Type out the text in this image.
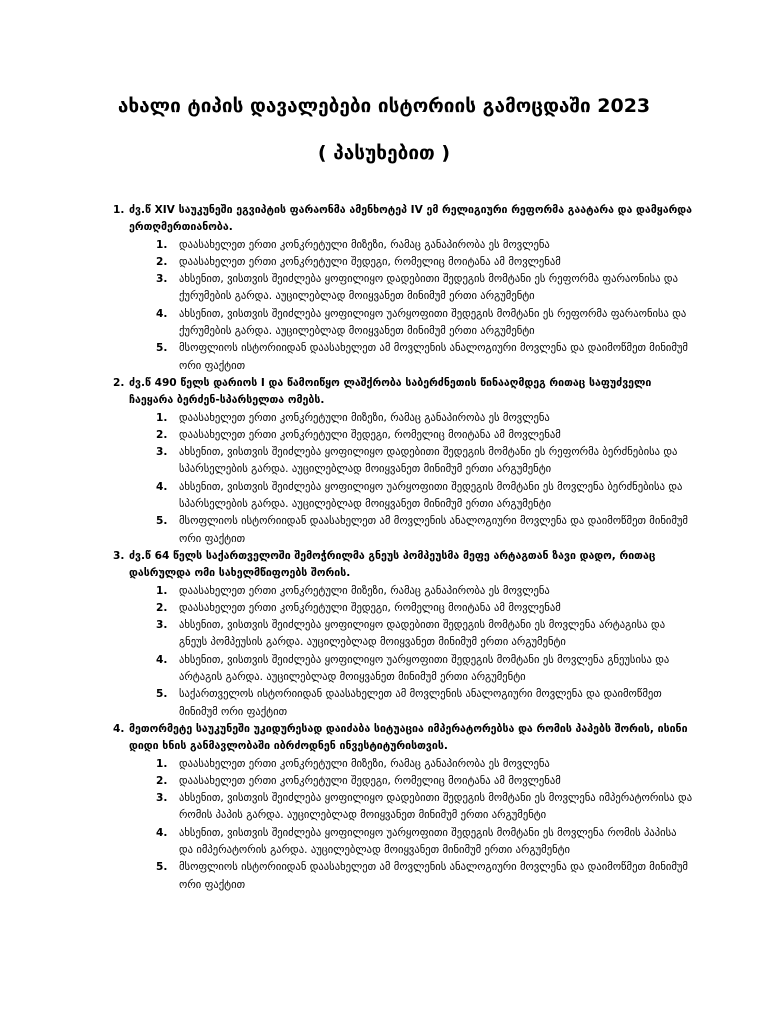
ახალი ტიპის დავალებები ისტორიის გამოცდაში 2023
( პასუხებით )
1. ძვ.წ XIV საუკუნეში ეგვიპტის ფარაონმა ამენხოტეპ IV ემ რელიგიური რეფორმა გაატარა და დამყარდა ერთღმერთიანობა.
1. დაასახელეთ ერთი კონკრეტული მიზეზი, რამაც განაპირობა ეს მოვლენა
2. დაასახელეთ ერთი კონკრეტული შედეგი, რომელიც მოიტანა ამ მოვლენამ
3. ახსენით, ვისთვის შეიძლება ყოფილიყო დადებითი შედეგის მომტანი ეს რეფორმა ფარაონისა და ქურუმების გარდა. აუცილებლად მოიყვანეთ მინიმუმ ერთი არგუმენტი
4. ახსენით, ვისთვის შეიძლება ყოფილიყო უარყოფითი შედეგის მომტანი ეს რეფორმა ფარაონისა და ქურუმების გარდა. აუცილებლად მოიყვანეთ მინიმუმ ერთი არგუმენტი
5. მსოფლიოს ისტორიიდან დაასახელეთ ამ მოვლენის ანალოგიური მოვლენა და დაიმოწმეთ მინიმუმ ორი ფაქტით
2. ძვ.წ 490 წელს დარიოს I და წამოიწყო ლაშქრობა საბერძნეთის წინააღმდეგ რითაც საფუძველი ჩაეყარა ბერძენ-სპარსელთა ომებს.
1. დაასახელეთ ერთი კონკრეტული მიზეზი, რამაც განაპირობა ეს მოვლენა
2. დაასახელეთ ერთი კონკრეტული შედეგი, რომელიც მოიტანა ამ მოვლენამ
3. ახსენით, ვისთვის შეიძლება ყოფილიყო დადებითი შედეგის მომტანი ეს რეფორმა ბერძნებისა და სპარსელების გარდა. აუცილებლად მოიყვანეთ მინიმუმ ერთი არგუმენტი
4. ახსენით, ვისთვის შეიძლება ყოფილიყო უარყოფითი შედეგის მომტანი ეს მოვლენა ბერძნებისა და სპარსელების გარდა. აუცილებლად მოიყვანეთ მინიმუმ ერთი არგუმენტი
5. მსოფლიოს ისტორიიდან დაასახელეთ ამ მოვლენის ანალოგიური მოვლენა და დაიმოწმეთ მინიმუმ ორი ფაქტით
3. ძვ.წ 64 წელს საქართველოში შემოჭრილმა გნეუს პომპეუსმა მეფე არტაგთან ზავი დადო, რითაც დასრულდა ომი სახელმწიფოებს შორის.
1. დაასახელეთ ერთი კონკრეტული მიზეზი, რამაც განაპირობა ეს მოვლენა
2. დაასახელეთ ერთი კონკრეტული შედეგი, რომელიც მოიტანა ამ მოვლენამ
3. ახსენით, ვისთვის შეიძლება ყოფილიყო დადებითი შედეგის მომტანი ეს მოვლენა არტაგისა და გნეუს პომპეუსის გარდა. აუცილებლად მოიყვანეთ მინიმუმ ერთი არგუმენტი
4. ახსენით, ვისთვის შეიძლება ყოფილიყო უარყოფითი შედეგის მომტანი ეს მოვლენა გნეუსისა და არტაგის გარდა. აუცილებლად მოიყვანეთ მინიმუმ ერთი არგუმენტი
5. საქართველოს ისტორიიდან დაასახელეთ ამ მოვლენის ანალოგიური მოვლენა და დაიმოწმეთ მინიმუმ ორი ფაქტით
4. მეთორმეტე საუკუნეში უკიდურესად დაიძაბა სიტუაცია იმპერატორებსა და რომის პაპებს შორის, ისინი დიდი ხნის განმავლობაში იბრძოდნენ ინვესტიტურისთვის.
1. დაასახელეთ ერთი კონკრეტული მიზეზი, რამაც განაპირობა ეს მოვლენა
2. დაასახელეთ ერთი კონკრეტული შედეგი, რომელიც მოიტანა ამ მოვლენამ
3. ახსენით, ვისთვის შეიძლება ყოფილიყო დადებითი შედეგის მომტანი ეს მოვლენა იმპერატორისა და რომის პაპის გარდა. აუცილებლად მოიყვანეთ მინიმუმ ერთი არგუმენტი
4. ახსენით, ვისთვის შეიძლება ყოფილიყო უარყოფითი შედეგის მომტანი ეს მოვლენა რომის პაპისა და იმპერატორის გარდა. აუცილებლად მოიყვანეთ მინიმუმ ერთი არგუმენტი
5. მსოფლიოს ისტორიიდან დაასახელეთ ამ მოვლენის ანალოგიური მოვლენა და დაიმოწმეთ მინიმუმ ორი ფაქტით
